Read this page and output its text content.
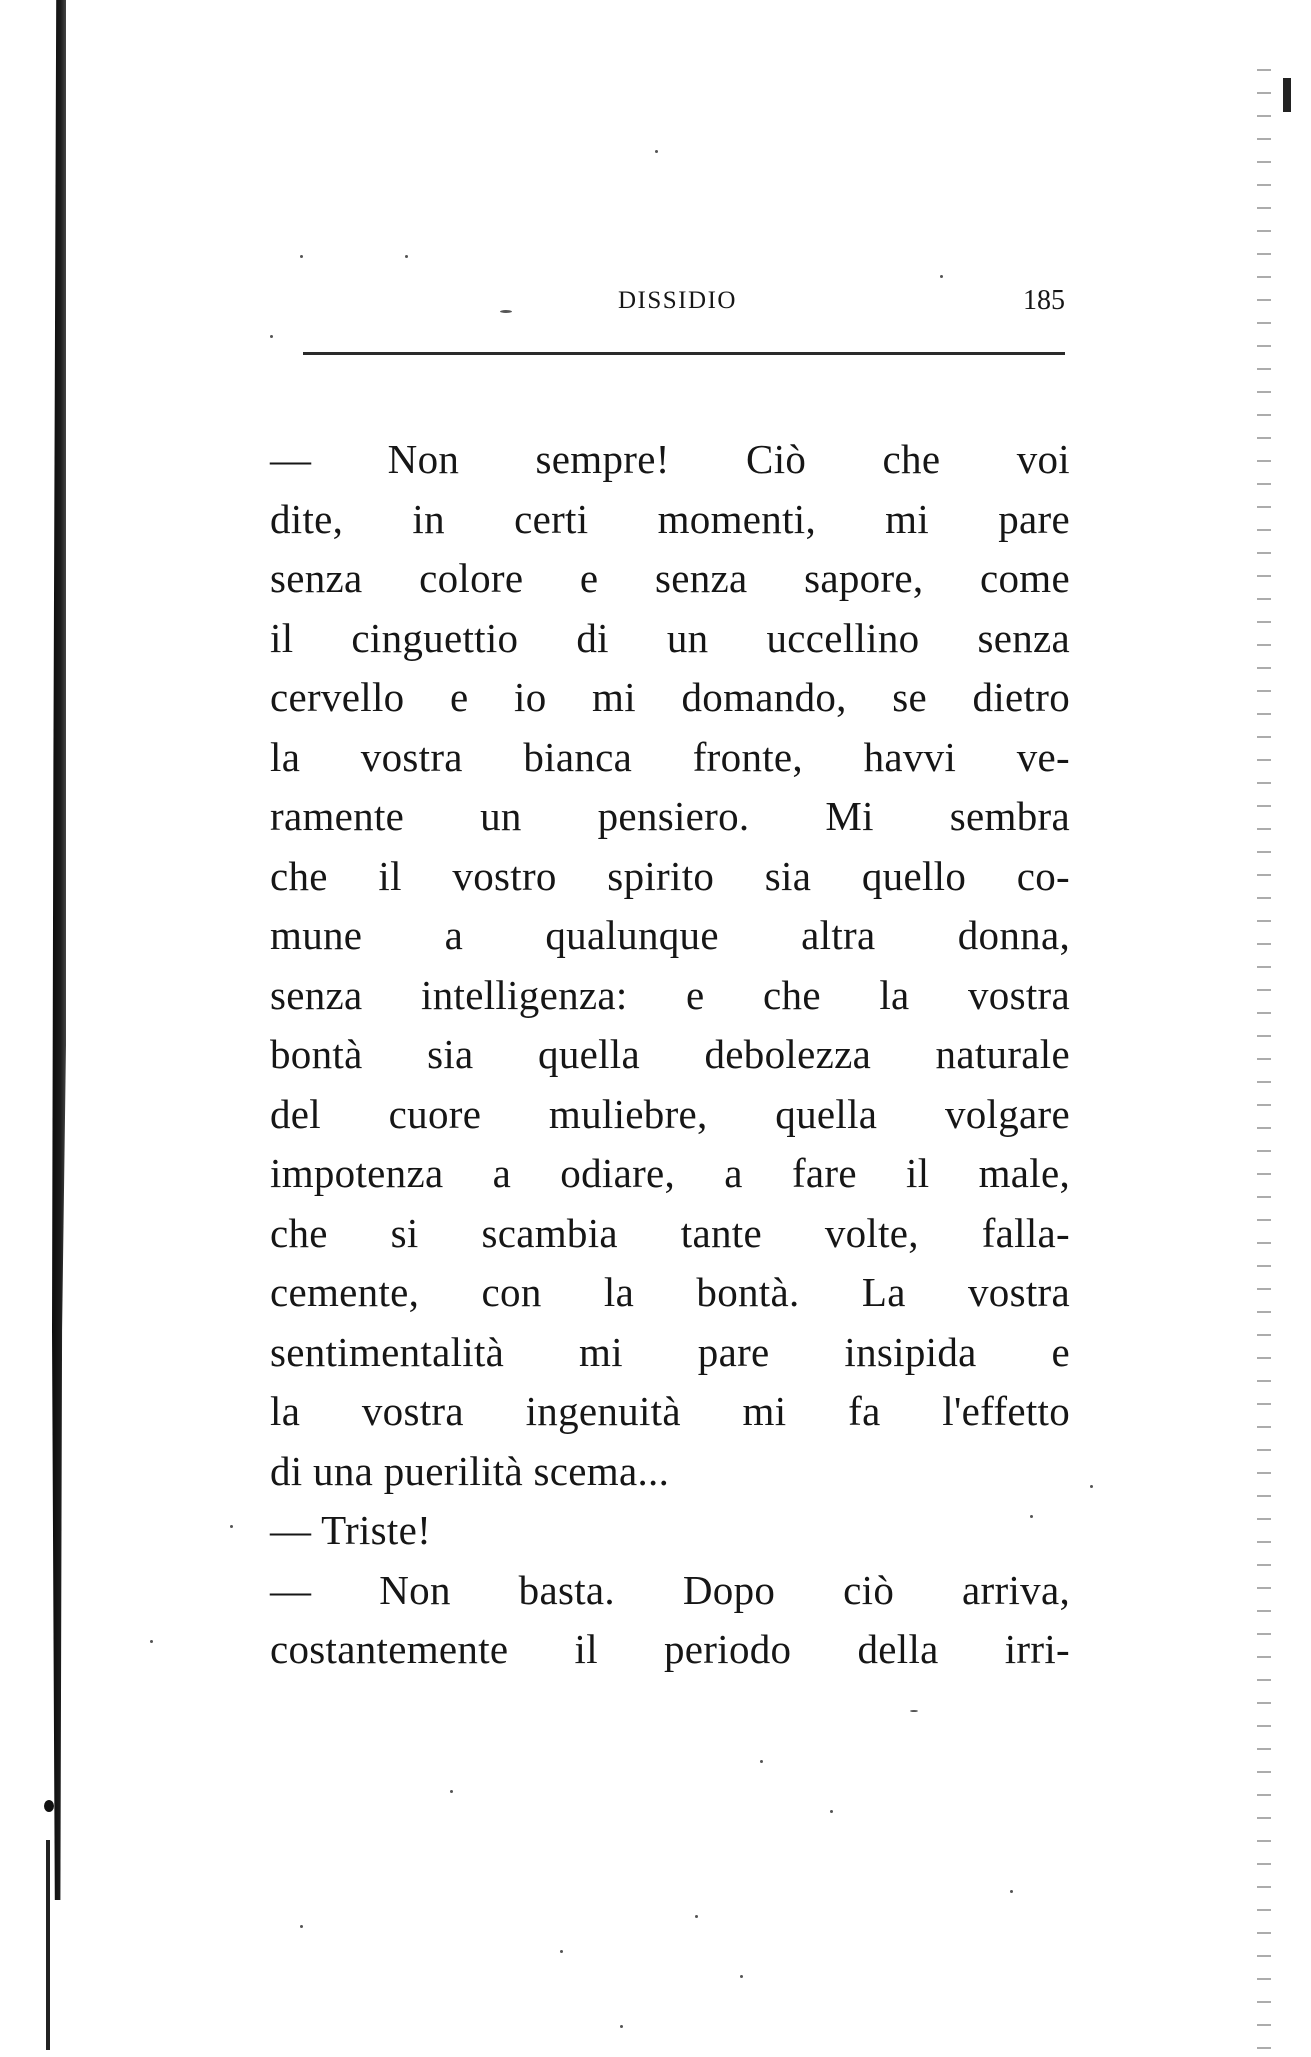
DISSIDIO	185
— Non sempre! Ciò che voi
dite, in certi momenti, mi pare
senza colore e senza sapore, come
il cinguettio di un uccellino senza
cervello e io mi domando, se dietro
la vostra bianca fronte, havvi ve-
ramente un pensiero. Mi sembra
che il vostro spirito sia quello co-
mune a qualunque altra donna,
senza intelligenza: e che la vostra
bontà sia quella debolezza naturale
del cuore muliebre, quella volgare
impotenza a odiare, a fare il male,
che si scambia tante volte, falla-
cemente, con la bontà. La vostra
sentimentalità mi pare insipida e
la vostra ingenuità mi fa l'effetto
di una puerilità scema...
— Triste!
— Non basta. Dopo ciò arriva,
costantemente il periodo della irri-
